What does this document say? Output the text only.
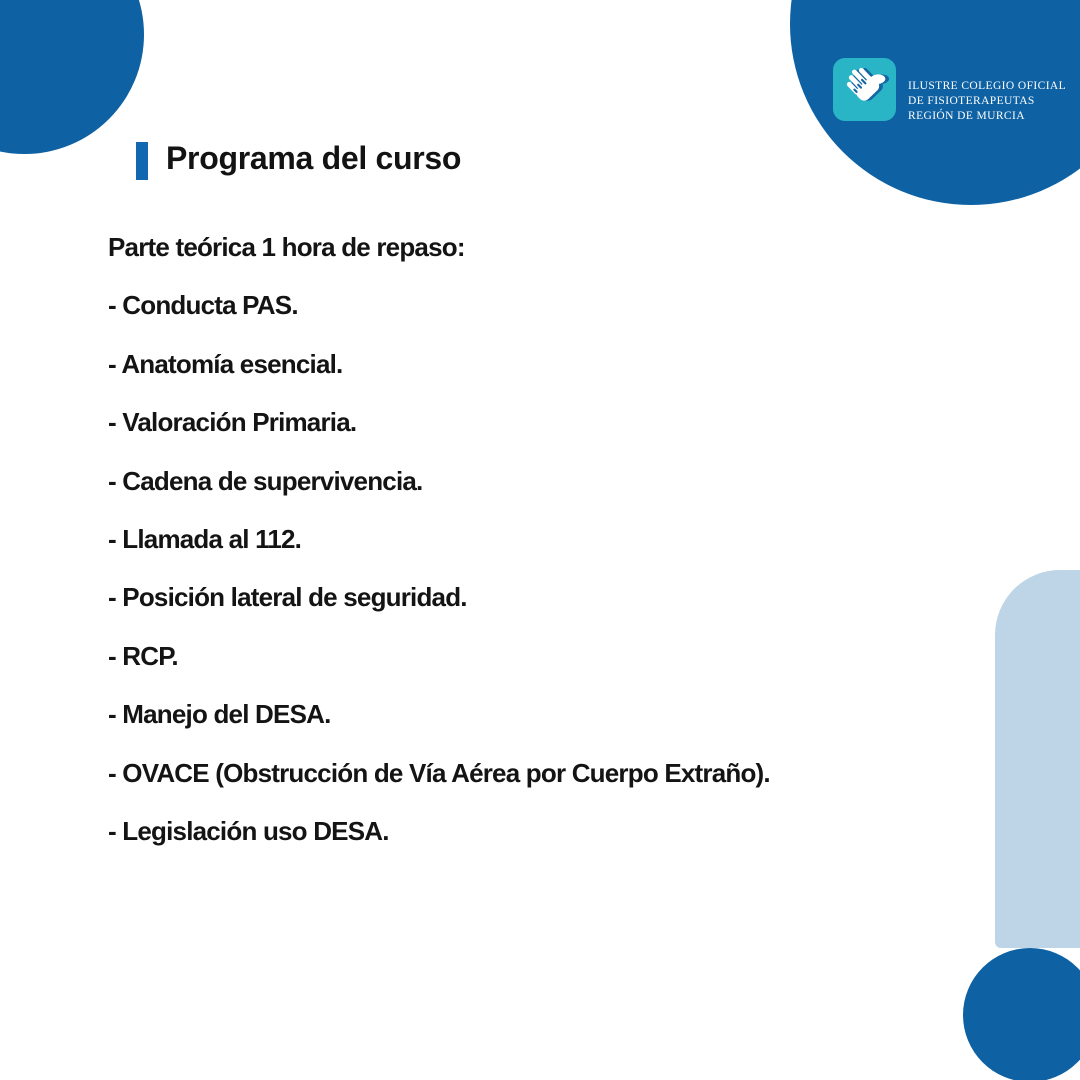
ILUSTRE COLEGIO OFICIAL
DE FISIOTERAPEUTAS
REGIÓN DE MURCIA
Programa del curso

Parte teórica 1 hora de repaso:

- Conducta PAS.

- Anatomía esencial.

- Valoración Primaria.

- Cadena de supervivencia.

- Llamada al 112.

- Posición lateral de seguridad.

- RCP.

- Manejo del DESA.

- OVACE (Obstrucción de Vía Aérea por Cuerpo Extraño).

- Legislación uso DESA.
